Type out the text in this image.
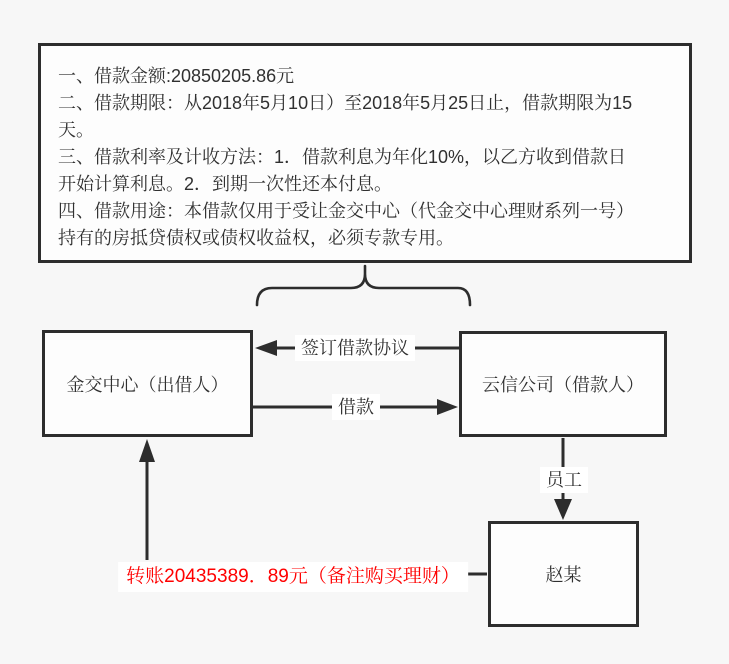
一、借款金额:20850205.86元
二、借款期限：从2018年5月10日）至2018年5月25日止，借款期限为15
天。
三、借款利率及计收方法：1．借款利息为年化10%，以乙方收到借款日
开始计算利息。2．到期一次性还本付息。
四、借款用途：本借款仅用于受让金交中心（代金交中心理财系列一号）
持有的房抵贷债权或债权收益权，必须专款专用。
金交中心（出借人）	云信公司（借款人）
赵某
签订借款协议
借款
员工
转账20435389．89元（备注购买理财）
